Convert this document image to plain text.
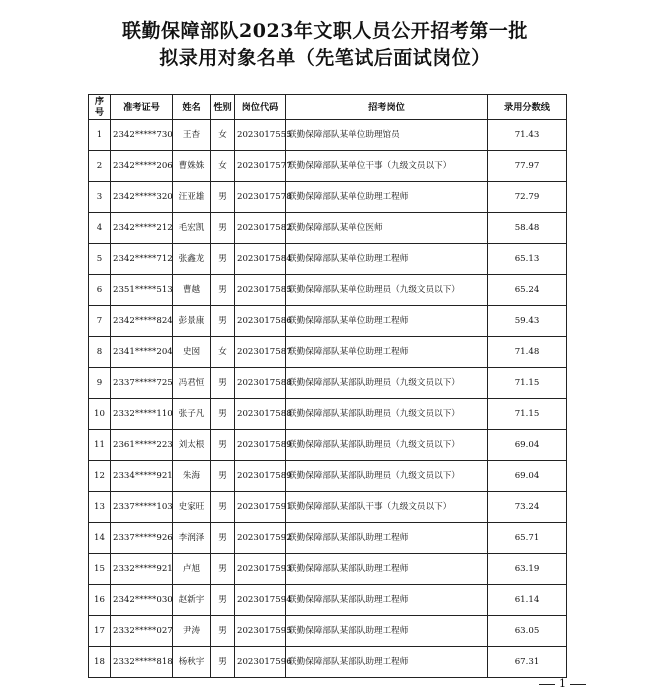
联勤保障部队2023年文职人员公开招考第一批
拟录用对象名单（先笔试后面试岗位）
序号	准考证号	姓名	性别	岗位代码	招考岗位	录用分数线
1	2342*****730	王杳	女	2023017555	联勤保障部队某单位助理馆员	71.43
2	2342*****206	曹姝姝	女	2023017577	联勤保障部队某单位干事（九级文员以下）	77.97
3	2342*****320	汪亚雄	男	2023017578	联勤保障部队某单位助理工程师	72.79
4	2342*****212	毛宏凯	男	2023017582	联勤保障部队某单位医师	58.48
5	2342*****712	张鑫龙	男	2023017584	联勤保障部队某单位助理工程师	65.13
6	2351*****513	曹越	男	2023017585	联勤保障部队某单位助理员（九级文员以下）	65.24
7	2342*****824	彭景康	男	2023017586	联勤保障部队某单位助理工程师	59.43
8	2341*****204	史囡	女	2023017587	联勤保障部队某单位助理工程师	71.48
9	2337*****725	冯君恒	男	2023017588	联勤保障部队某部队助理员（九级文员以下）	71.15
10	2332*****110	张子凡	男	2023017588	联勤保障部队某部队助理员（九级文员以下）	71.15
11	2361*****223	刘太根	男	2023017589	联勤保障部队某部队助理员（九级文员以下）	69.04
12	2334*****921	朱海	男	2023017589	联勤保障部队某部队助理员（九级文员以下）	69.04
13	2337*****103	史家旺	男	2023017591	联勤保障部队某部队干事（九级文员以下）	73.24
14	2337*****926	李润泽	男	2023017592	联勤保障部队某部队助理工程师	65.71
15	2332*****921	卢旭	男	2023017593	联勤保障部队某部队助理工程师	63.19
16	2342*****030	赵新宇	男	2023017594	联勤保障部队某部队助理工程师	61.14
17	2332*****027	尹涛	男	2023017595	联勤保障部队某部队助理工程师	63.05
18	2332*****818	杨秋宇	男	2023017596	联勤保障部队某部队助理工程师	67.31
1
